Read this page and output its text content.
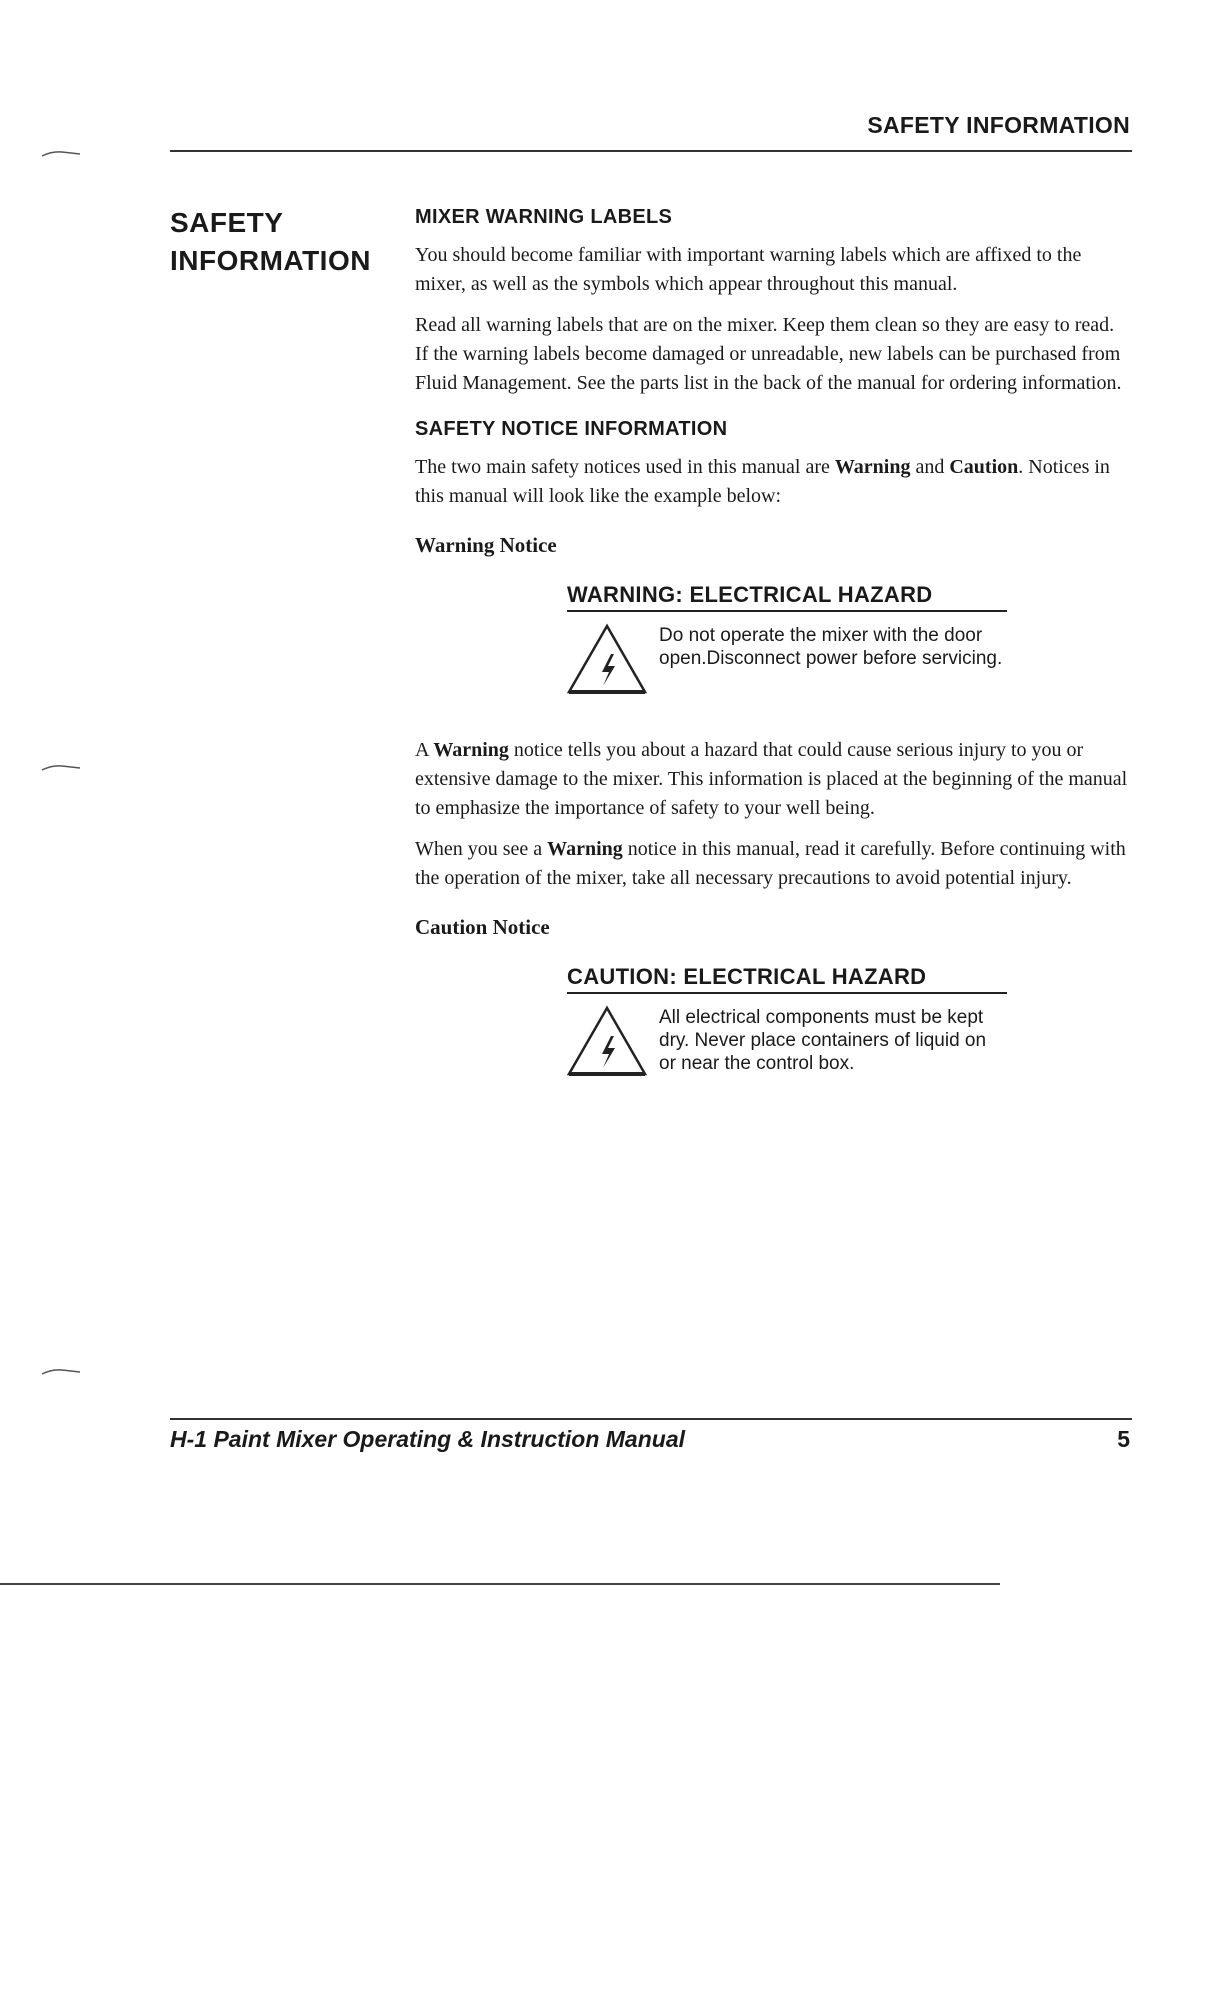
SAFETY INFORMATION
SAFETY
INFORMATION
MIXER WARNING LABELS

You should become familiar with important warning labels which are affixed to the mixer, as well as the symbols which appear throughout this manual.

Read all warning labels that are on the mixer. Keep them clean so they are easy to read. If the warning labels become damaged or unreadable, new labels can be purchased from Fluid Management. See the parts list in the back of the manual for ordering information.

SAFETY NOTICE INFORMATION

The two main safety notices used in this manual are Warning and Caution. Notices in this manual will look like the example below:

Warning Notice
WARNING: ELECTRICAL HAZARD
Do not operate the mixer with the door open.Disconnect power before servicing.

A Warning notice tells you about a hazard that could cause serious injury to you or extensive damage to the mixer. This information is placed at the beginning of the manual to emphasize the importance of safety to your well being.

When you see a Warning notice in this manual, read it carefully. Before continuing with the operation of the mixer, take all necessary precautions to avoid potential injury.

Caution Notice
CAUTION: ELECTRICAL HAZARD
All electrical components must be kept dry. Never place containers of liquid on or near the control box.
H-1 Paint Mixer Operating & Instruction Manual	5
